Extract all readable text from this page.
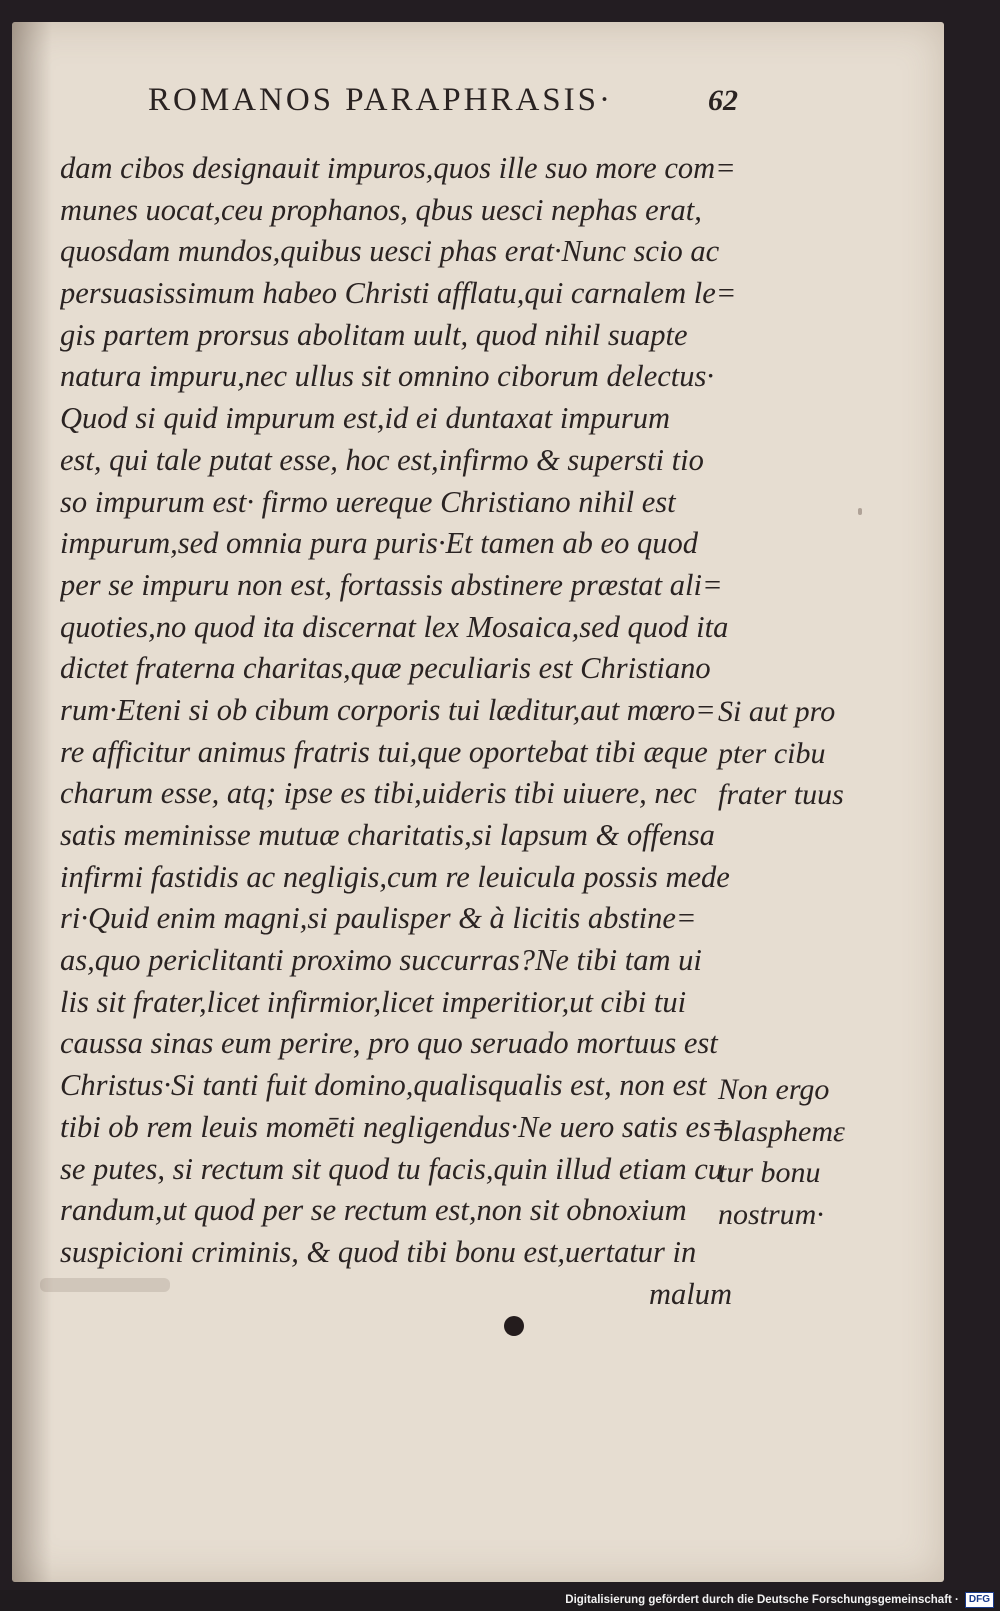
ROMANOS PARAPHRASIS·	62
dam cibos designauit impuros,quos ille suo more com=
munes uocat,ceu prophanos, qbus uesci nephas erat,
quosdam mundos,quibus uesci phas erat·Nunc scio ac
persuasissimum habeo Christi afflatu,qui carnalem le=
gis partem prorsus abolitam uult, quod nihil suapte
natura impuru,nec ullus sit omnino ciborum delectus·
Quod si quid impurum est,id ei duntaxat impurum
est, qui tale putat esse, hoc est,infirmo & supersti tio
so impurum est· firmo uereque Christiano nihil est
impurum,sed omnia pura puris·Et tamen ab eo quod
per se impuru non est, fortassis abstinere præstat ali=
quoties,no quod ita discernat lex Mosaica,sed quod ita
dictet fraterna charitas,quæ peculiaris est Christiano
rum·Eteni si ob cibum corporis tui læditur,aut mœro=
re afficitur animus fratris tui,que oportebat tibi æque
charum esse, atq; ipse es tibi,uideris tibi uiuere, nec
satis meminisse mutuæ charitatis,si lapsum & offensa
infirmi fastidis ac negligis,cum re leuicula possis mede
ri·Quid enim magni,si paulisper & à licitis abstine=
as,quo periclitanti proximo succurras?Ne tibi tam ui
lis sit frater,licet infirmior,licet imperitior,ut cibi tui
caussa sinas eum perire, pro quo seruado mortuus est
Christus·Si tanti fuit domino,qualisqualis est, non est
tibi ob rem leuis momēti negligendus·Ne uero satis es=
se putes, si rectum sit quod tu facis,quin illud etiam cu
randum,ut quod per se rectum est,non sit obnoxium
suspicioni criminis, & quod tibi bonu est,uertatur in
malum
Si aut pro
pter cibu
frater tuus
Non ergo
blasphemε
tur bonu
nostrum·
Digitalisierung gefördert durch die Deutsche Forschungsgemeinschaft ·	DFG
